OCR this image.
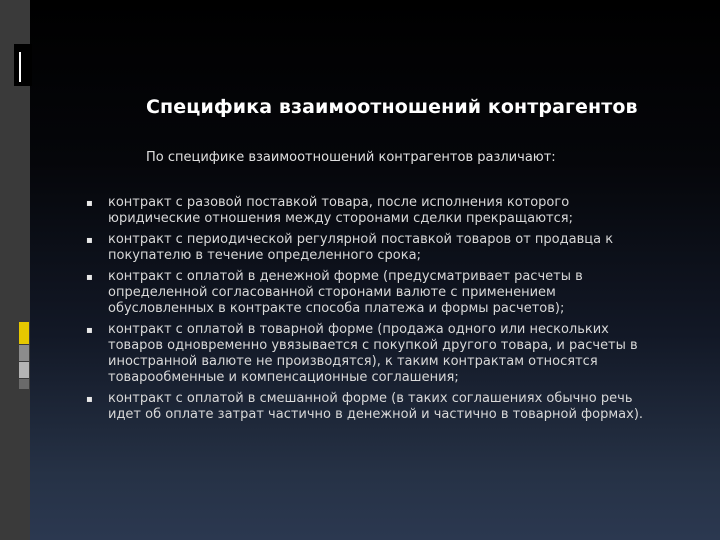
Специфика взаимоотношений контрагентов
По специфике взаимоотношений контрагентов различают:
▪ контракт с разовой поставкой товара, после исполнения которого
юридические отношения между сторонами сделки прекращаются;
▪ контракт с периодической регулярной поставкой товаров от продавца к
покупателю в течение определенного срока;
▪ контракт с оплатой в денежной форме (предусматривает расчеты в
определенной согласованной сторонами валюте с применением
обусловленных в контракте способа платежа и формы расчетов);
▪ контракт с оплатой в товарной форме (продажа одного или нескольких
товаров одновременно увязывается с покупкой другого товара, и расчеты в
иностранной валюте не производятся), к таким контрактам относятся
товарообменные и компенсационные соглашения;
▪ контракт с оплатой в смешанной форме (в таких соглашениях обычно речь
идет об оплате затрат частично в денежной и частично в товарной формах).
